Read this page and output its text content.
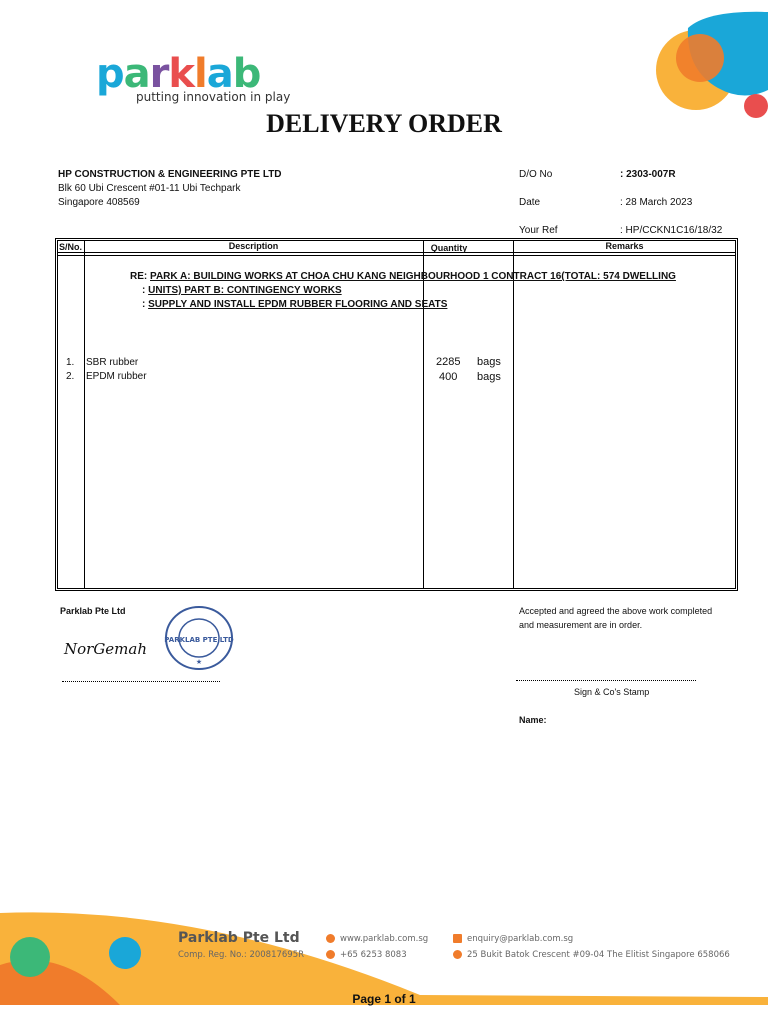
parklab
putting innovation in play
DELIVERY ORDER
HP CONSTRUCTION & ENGINEERING PTE LTD
Blk 60 Ubi Crescent #01-11 Ubi Techpark
Singapore 408569
D/O No	: 2303-007R
Date	: 28 March 2023
Your Ref	: HP/CCKN1C16/18/32
S/No.	Description	Quantity	Remarks
RE: PARK A: BUILDING WORKS AT CHOA CHU KANG NEIGHBOURHOOD 1 CONTRACT 16(TOTAL: 574 DWELLING
: UNITS) PART B: CONTINGENCY WORKS
: SUPPLY AND INSTALL EPDM RUBBER FLOORING AND SEATS
1. SBR rubber	2285 bags
2. EPDM rubber	400 bags
Parklab Pte Ltd
NorGemah PARKLAB PTE LTD
★
Accepted and agreed the above work completed
and measurement are in order.
Sign & Co's Stamp
Name:
Parklab Pte Ltd
Comp. Reg. No.: 200817695R
www.parklab.com.sg
+65 6253 8083
enquiry@parklab.com.sg
25 Bukit Batok Crescent #09-04 The Elitist Singapore 658066
Page 1 of 1
